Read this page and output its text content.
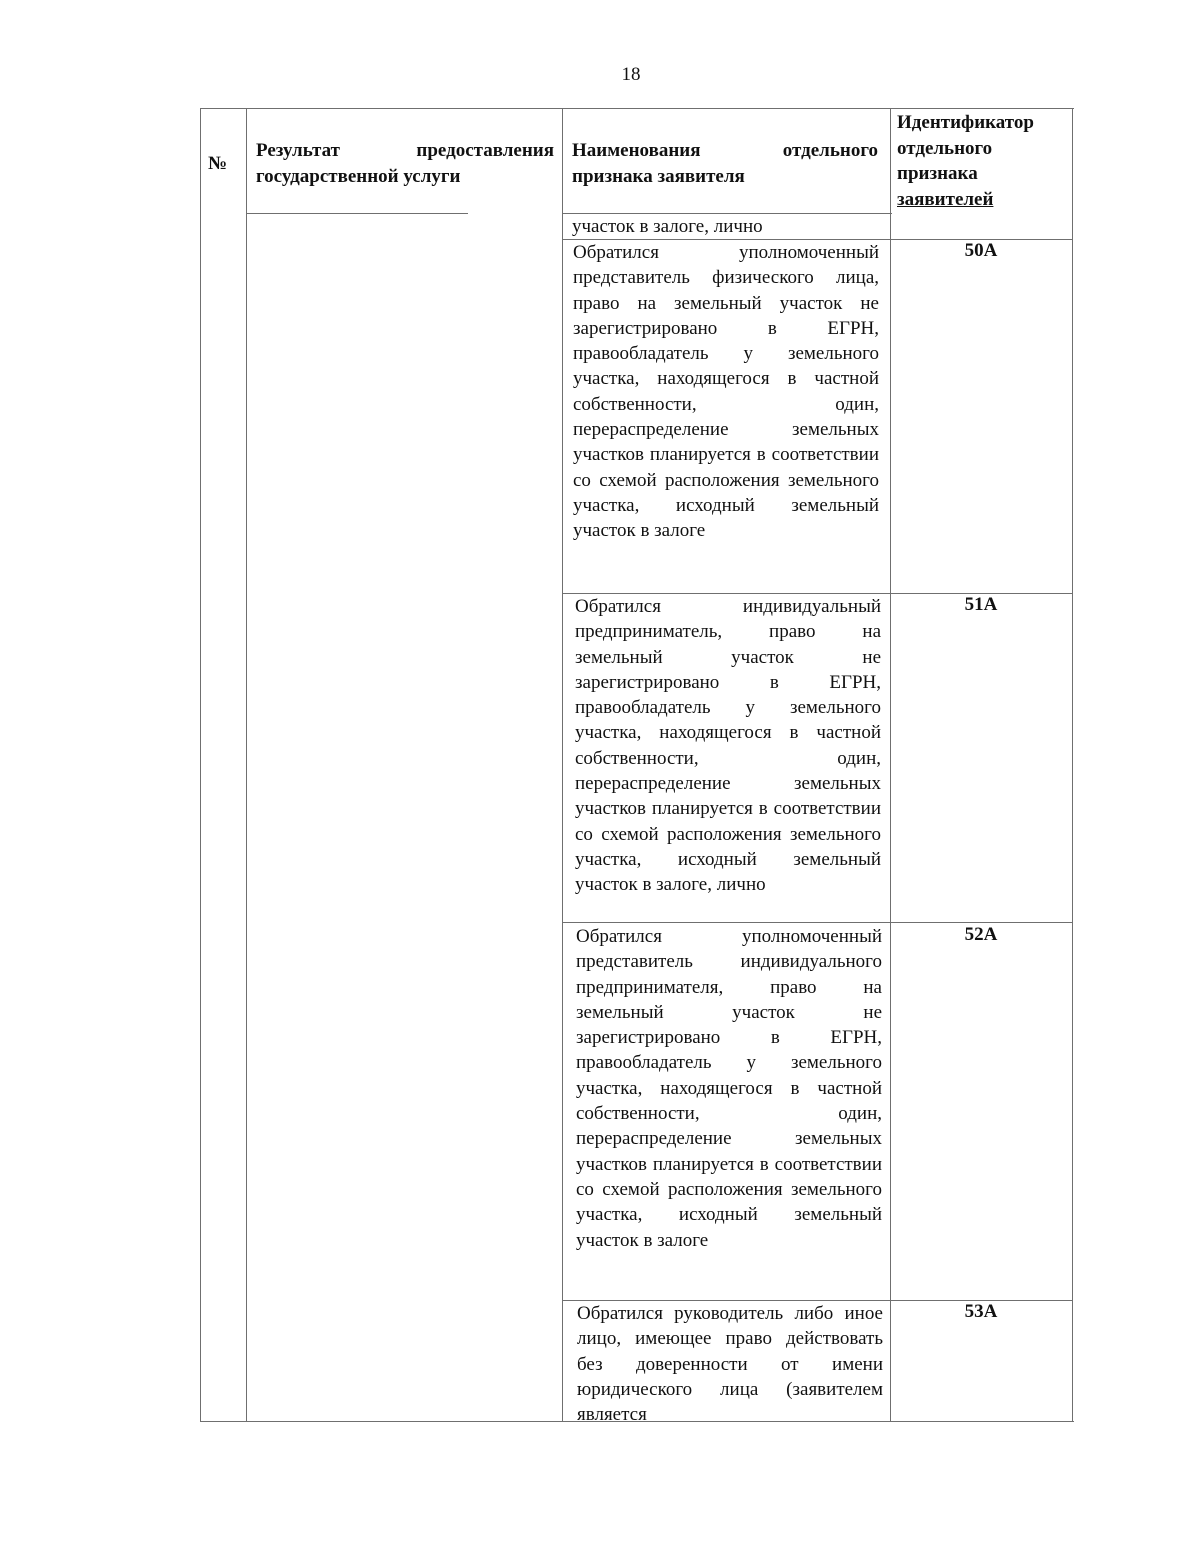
18
№
Результат предоставления государственной услуги
Наименования отдельного признака заявителя
Идентификатор
отдельного
признака
заявителей
участок в залоге, лично
Обратился уполномоченный представитель физического лица, право на земельный участок не зарегистрировано в ЕГРН, правообладатель у земельного участка, находящегося в частной собственности, один, перераспределение земельных участков планируется в соответствии со схемой расположения земельного участка, исходный земельный участок в залоге
50А
Обратился индивидуальный предприниматель, право на земельный участок не зарегистрировано в ЕГРН, правообладатель у земельного участка, находящегося в частной собственности, один, перераспределение земельных участков планируется в соответствии со схемой расположения земельного участка, исходный земельный участок в залоге, лично
51А
Обратился уполномоченный представитель индивидуального предпринимателя, право на земельный участок не зарегистрировано в ЕГРН, правообладатель у земельного участка, находящегося в частной собственности, один, перераспределение земельных участков планируется в соответствии со схемой расположения земельного участка, исходный земельный участок в залоге
52А
Обратился руководитель либо иное лицо, имеющее право действовать без доверенности от имени юридического лица (заявителем является
53А
